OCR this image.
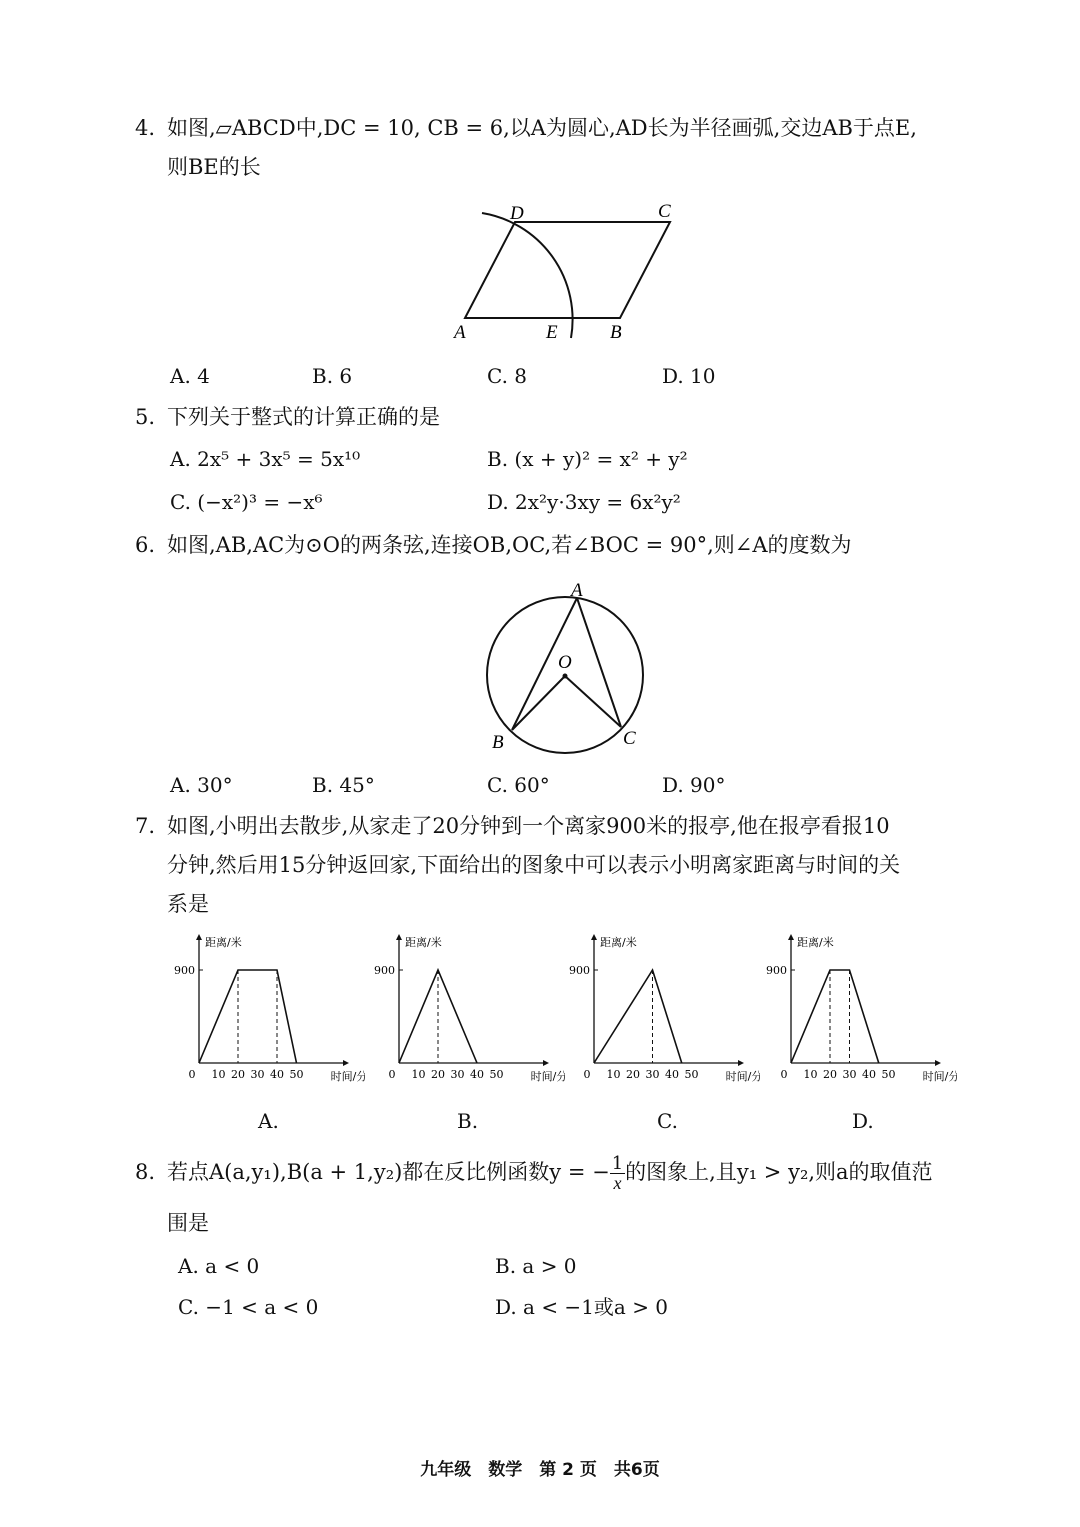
4. 如图,▱ABCD中,DC = 10, CB = 6,以A为圆心,AD长为半径画弧,交边AB于点E,
则BE的长
A	E	B
C
D
A. 4	B. 6	C. 8	D. 10
5. 下列关于整式的计算正确的是
A. 2x⁵ + 3x⁵ = 5x¹⁰	B. (x + y)² = x² + y²
C. (−x²)³ = −x⁶	D. 2x²y·3xy = 6x²y²
6. 如图,AB,AC为⊙O的两条弦,连接OB,OC,若∠BOC = 90°,则∠A的度数为
A
O
B	C
A. 30°	B. 45°	C. 60°	D. 90°
7. 如图,小明出去散步,从家走了20分钟到一个离家900米的报亭,他在报亭看报10
分钟,然后用15分钟返回家,下面给出的图象中可以表示小明离家距离与时间的关
系是
距离/米
900
0 10 20 30 40 50 时间/分
距离/米
900
0 10 20 30 40 50 时间/分
距离/米
900
0 10 20 30 40 50 时间/分
距离/米
900
0 10 20 30 40 50 时间/分
A.	B.	C.	D.
8. 若点A(a,y₁),B(a + 1,y₂)都在反比例函数y = − $\frac{1}{x}$ 的图象上,且y₁ > y₂,则a的取值范
围是
A. a < 0	B. a > 0
C. −1 < a < 0	D. a < −1或a > 0
九年级　数学　第 2 页　共6页
